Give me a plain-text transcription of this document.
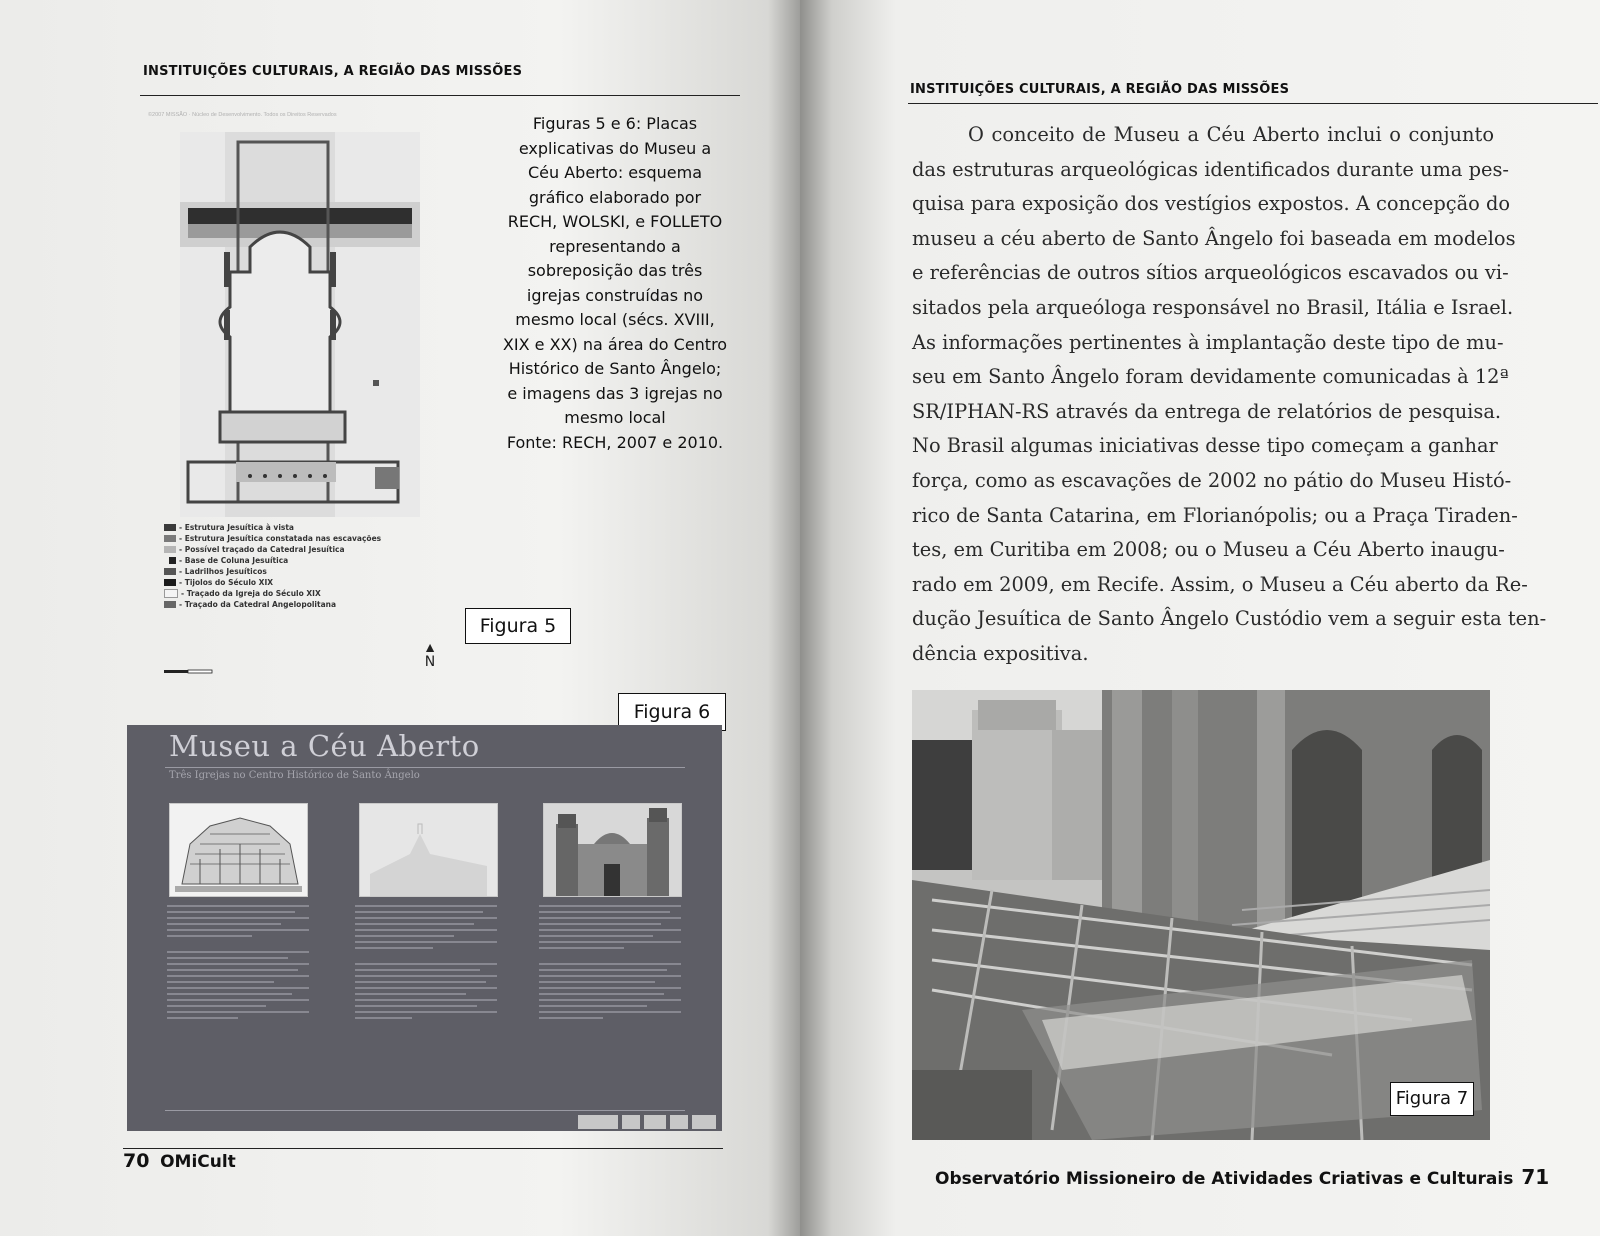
INSTITUIÇÕES CULTURAIS, A REGIÃO DAS MISSÕES
©2007 MISSÃO · Núcleo de Desenvolvimento. Todos os Direitos Reservados
- Estrutura Jesuítica à vista
- Estrutura Jesuítica constatada nas escavações
- Possível traçado da Catedral Jesuítica
- Base de Coluna Jesuítica
- Ladrilhos Jesuíticos
- Tijolos do Século XIX
- Traçado da Igreja do Século XIX
- Traçado da Catedral Angelopolitana
▲
N
Figuras 5 e 6: Placas
explicativas do Museu a
Céu Aberto: esquema
gráfico elaborado por
RECH, WOLSKI, e FOLLETO
representando a
sobreposição das três
igrejas construídas no
mesmo local (sécs. XVIII,
XIX e XX) na área do Centro
Histórico de Santo Ângelo;
e imagens das 3 igrejas no
mesmo local
Fonte: RECH, 2007 e 2010.
Figura 5
Figura 6
Museu a Céu Aberto
Três Igrejas no Centro Histórico de Santo Ângelo
70 OMiCult
INSTITUIÇÕES CULTURAIS, A REGIÃO DAS MISSÕES
O conceito de Museu a Céu Aberto inclui o conjunto
das estruturas arqueológicas identificados durante uma pes-
quisa para exposição dos vestígios expostos. A concepção do
museu a céu aberto de Santo Ângelo foi baseada em modelos
e referências de outros sítios arqueológicos escavados ou vi-
sitados pela arqueóloga responsável no Brasil, Itália e Israel.
As informações pertinentes à implantação deste tipo de mu-
seu em Santo Ângelo foram devidamente comunicadas à 12ª
SR/IPHAN-RS através da entrega de relatórios de pesquisa.
No Brasil algumas iniciativas desse tipo começam a ganhar
força, como as escavações de 2002 no pátio do Museu Histó-
rico de Santa Catarina, em Florianópolis; ou a Praça Tiraden-
tes, em Curitiba em 2008; ou o Museu a Céu Aberto inaugu-
rado em 2009, em Recife. Assim, o Museu a Céu aberto da Re-
dução Jesuítica de Santo Ângelo Custódio vem a seguir esta ten-
dência expositiva.
Figura 7
Observatório Missioneiro de Atividades Criativas e Culturais 71
